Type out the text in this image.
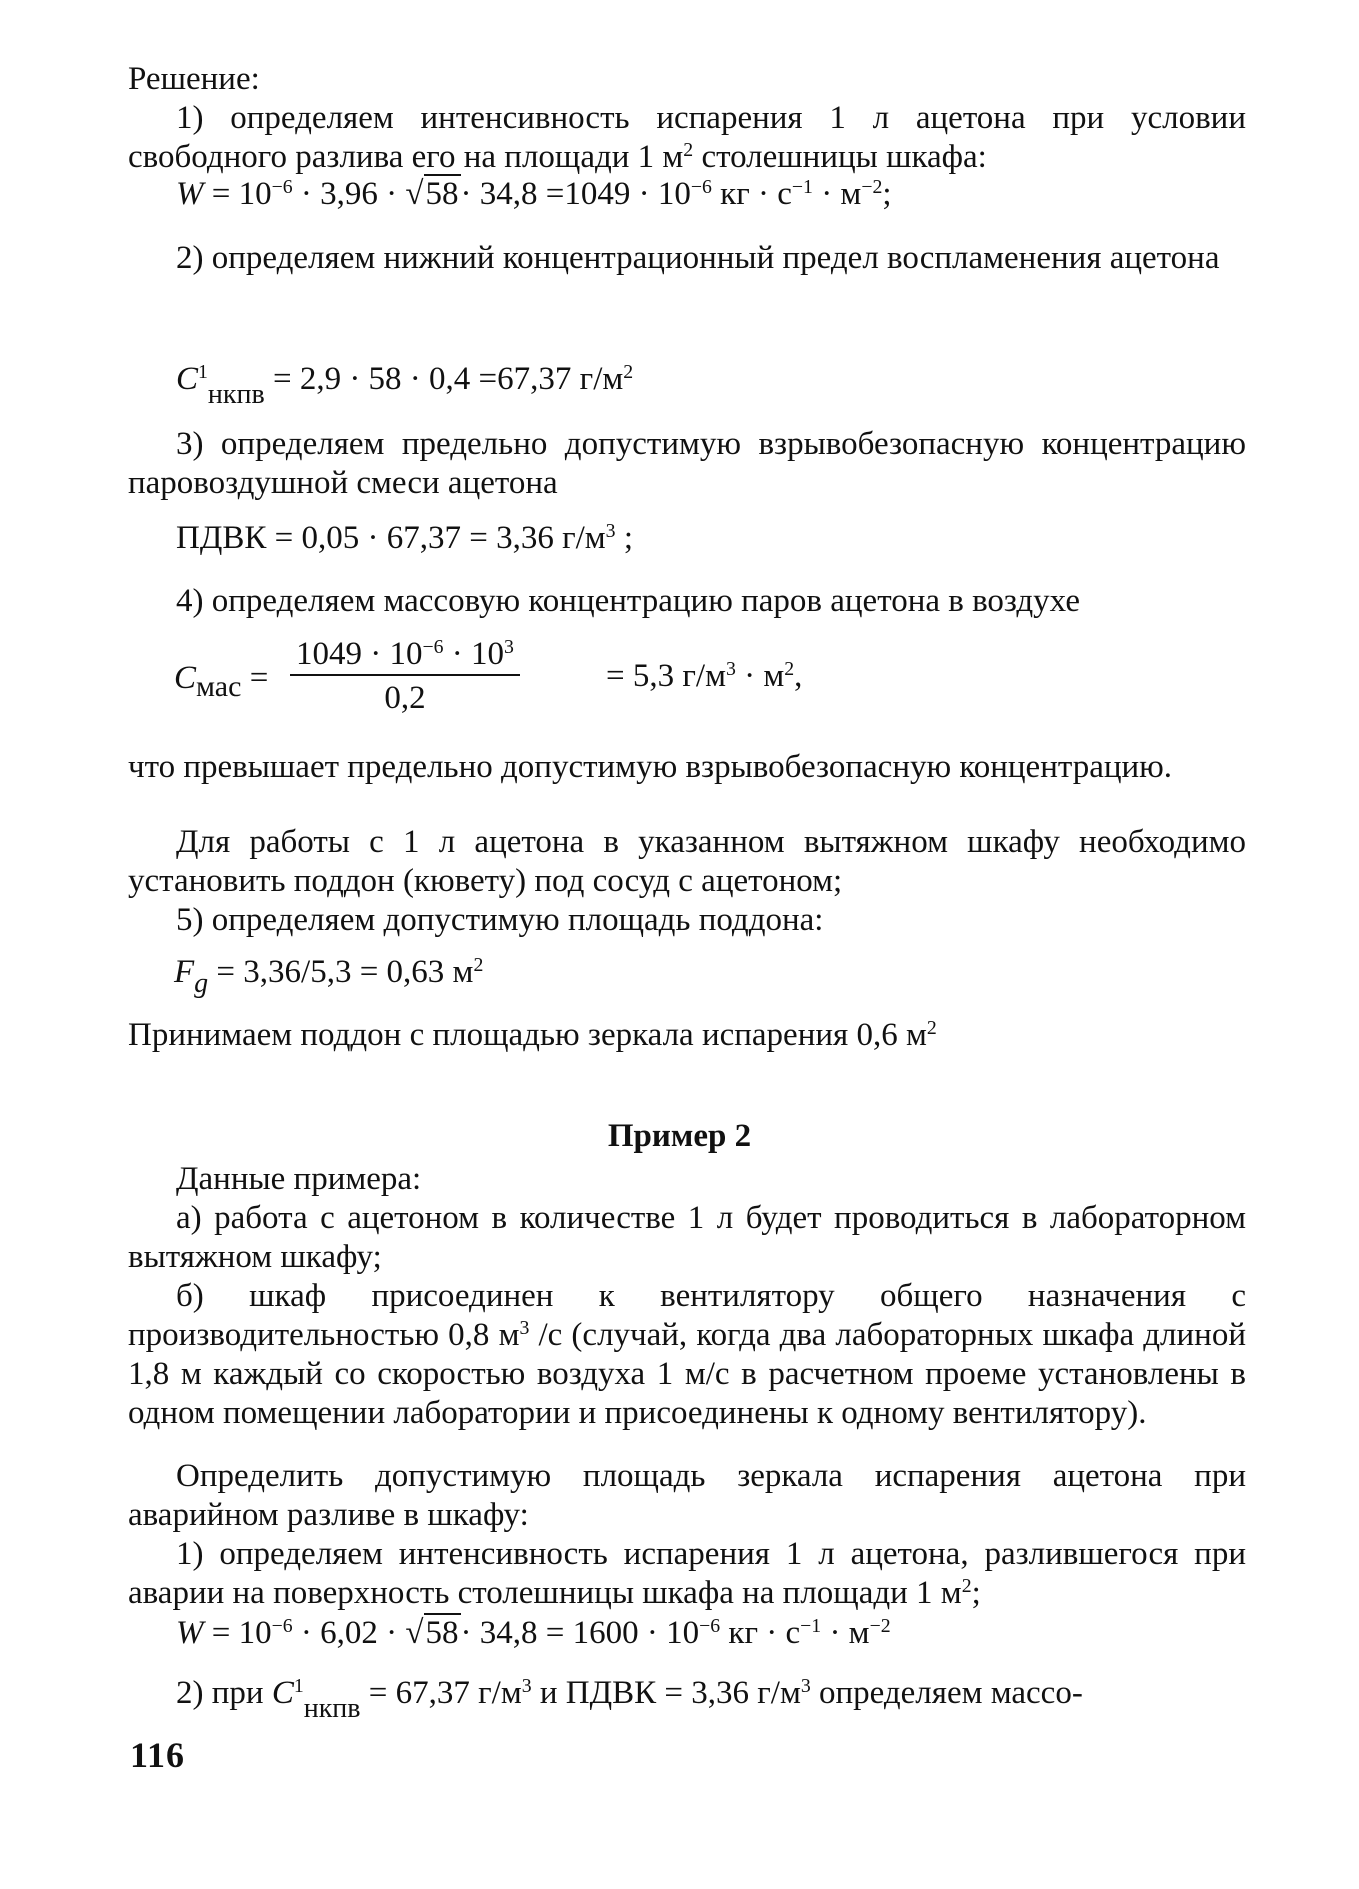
Решение:
1) определяем интенсивность испарения 1 л ацетона при условии свободного разлива его на площади 1 $м^2$ столешницы шкафа:
$W = 10^{-6} \cdot 3,96 \cdot √58\cdot 34,8 =1049 \cdot 10^{-6}$ кг · $с^{-1} \cdot м^{-2}$;
2) определяем нижний концентрационный предел воспламенения ацетона
$C^1_{нкпв} = 2,9 \cdot 58 \cdot 0,4 =67,37$ $г/м^2$
3) определяем предельно допустимую взрывобезопасную концентрацию паровоздушной смеси ацетона
ПДВК = 0,05 · 67,37 = 3,36 $г/м^3$ ;
4) определяем массовую концентрацию паров ацетона в воздухе
Cмас =
$1049 \cdot 10^{-6} \cdot 10^3$
0,2
= 5,3 $г/м^3 \cdot м^2$,
что превышает предельно допустимую взрывобезопасную концентрацию.
Для работы с 1 л ацетона в указанном вытяжном шкафу необходимо установить поддон (кювету) под сосуд с ацетоном;
5) определяем допустимую площадь поддона:
$F_g = 3,36/5,3 = 0,63$ $м^2$
Принимаем поддон с площадью зеркала испарения 0,6 $м^2$
Пример 2
Данные примера:
а) работа с ацетоном в количестве 1 л будет проводиться в лабораторном вытяжном шкафу;
б) шкаф присоединен к вентилятору общего назначения с производительностью 0,8 $м^3$ /с (случай, когда два лабораторных шкафа длиной 1,8 м каждый со скоростью воздуха 1 м/с в расчетном проеме установлены в одном помещении лаборатории и присоединены к одному вентилятору).
Определить допустимую площадь зеркала испарения ацетона при аварийном разливе в шкафу:
1) определяем интенсивность испарения 1 л ацетона, разлившегося при аварии на поверхность столешницы шкафа на площади 1 $м^2$;
$W = 10^{-6} \cdot 6,02 \cdot √58\cdot 34,8 = 1600 \cdot 10^{-6}$ кг · $с^{-1} \cdot м^{-2}$
2) при $C^1_{нкпв} = 67,37$ $г/м^3$ и ПДВК = 3,36 $г/м^3$ определяем массо-
116
